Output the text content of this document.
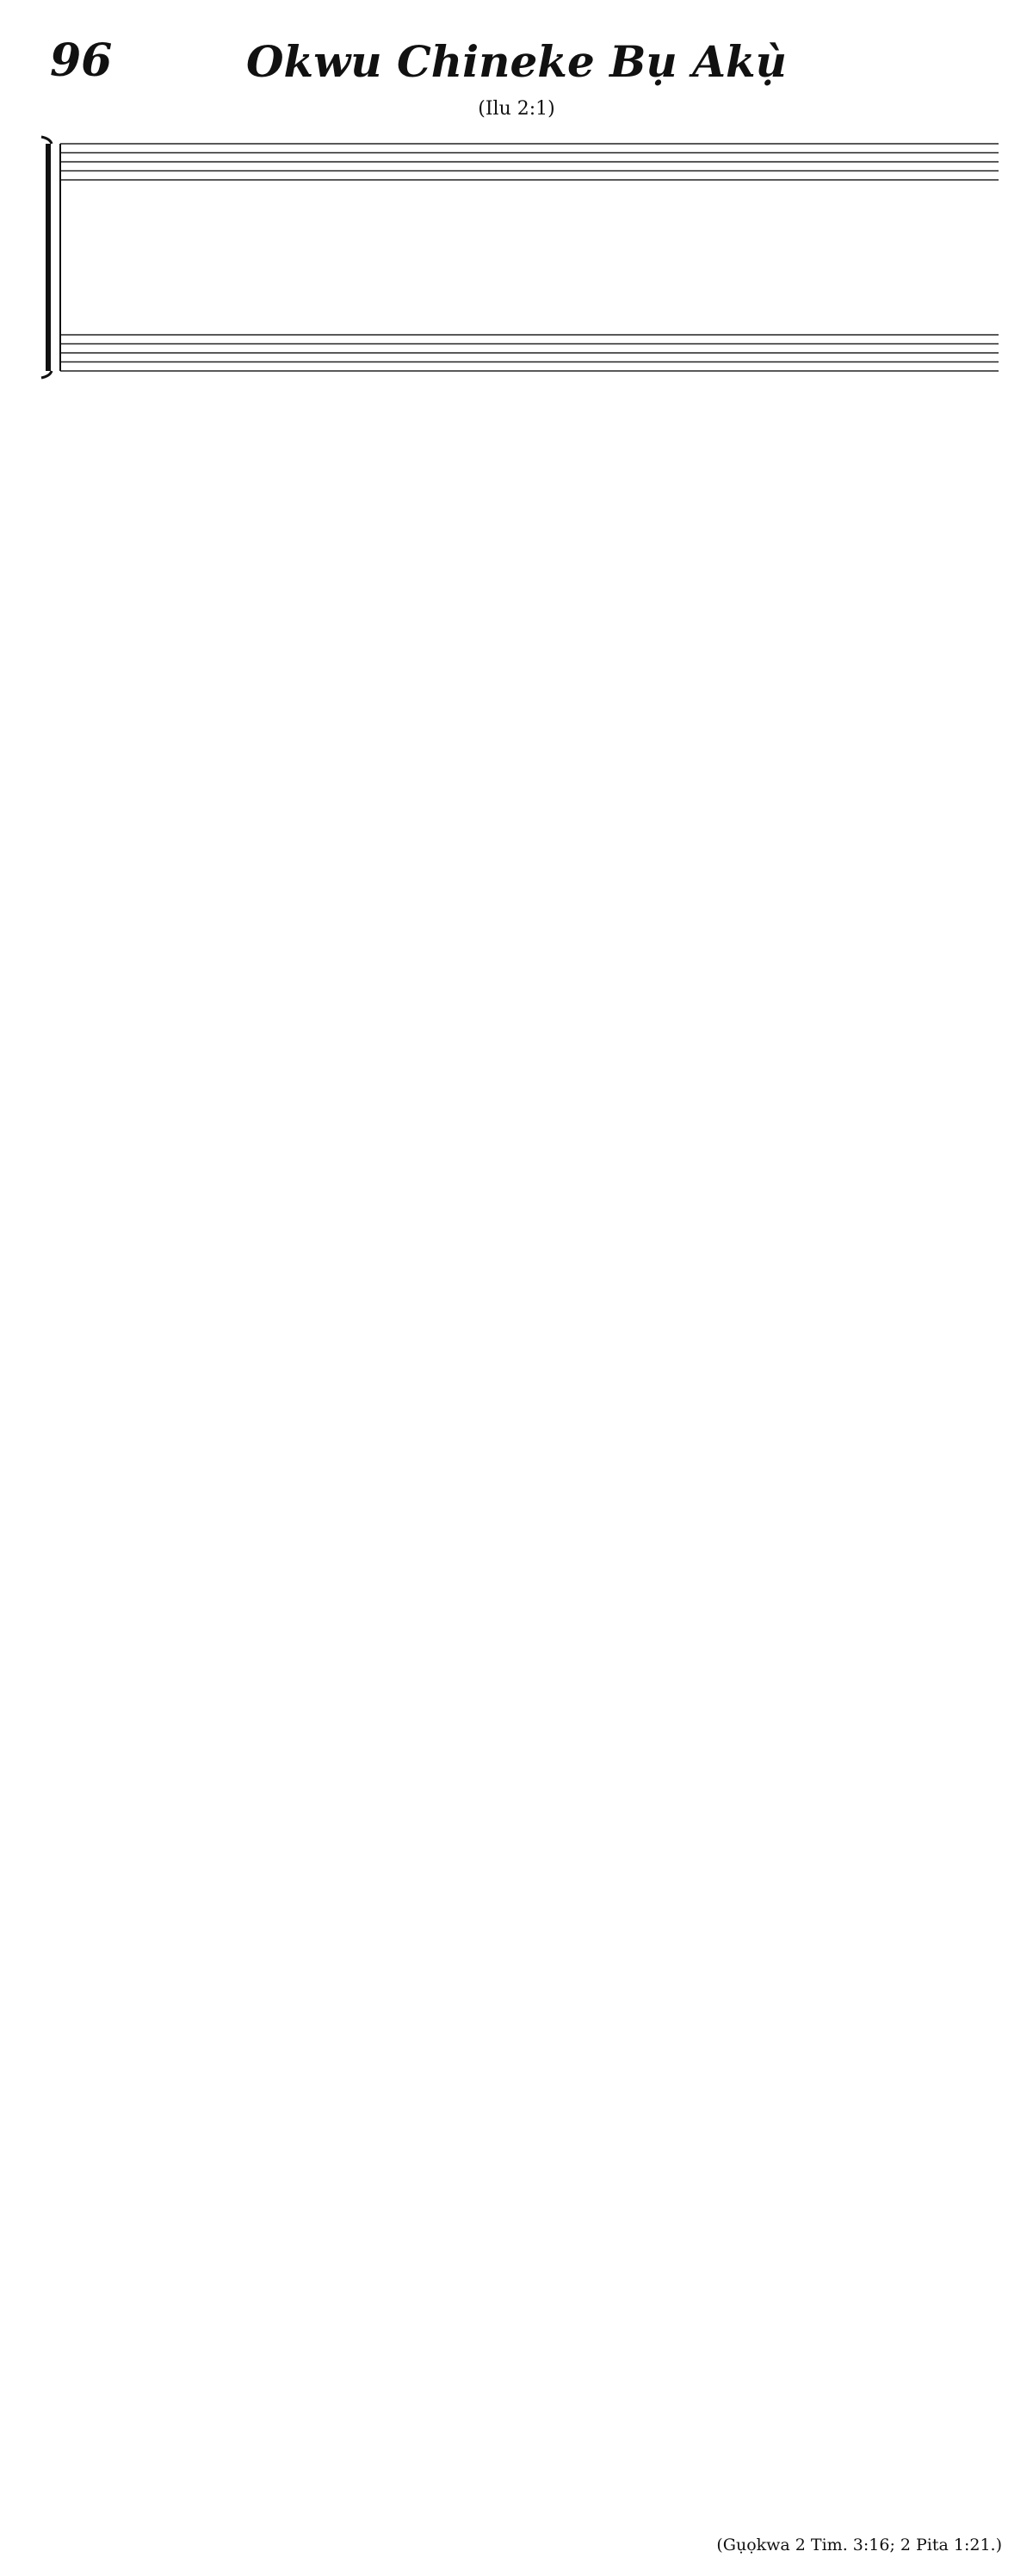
96	Okwu Chineke Bụ Akụ̀
(Ilu 2:1)
(Gụọkwa 2 Tim. 3:16; 2 Pita 1:21.)
